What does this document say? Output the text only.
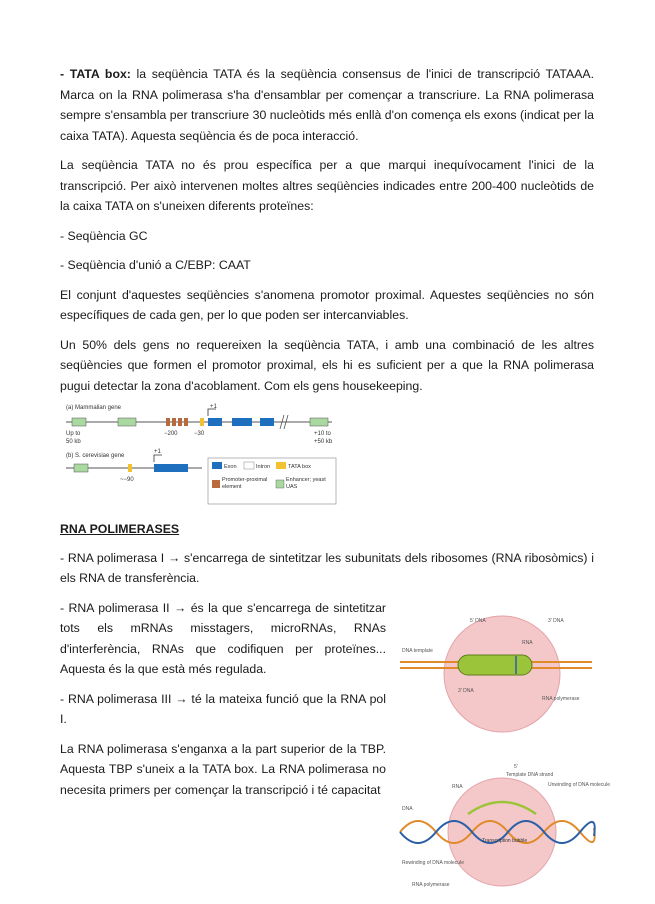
- TATA box: la seqüència TATA és la seqüència consensus de l'inici de transcripció TATAAA. Marca on la RNA polimerasa s'ha d'ensamblar per començar a transcriure. La RNA polimerasa sempre s'ensambla per transcriure 30 nucleòtids més enllà d'on comença els exons (indicat per la caixa TATA). Aquesta seqüència és de poca interacció.

La seqüència TATA no és prou específica per a que marqui inequívocament l'inici de la transcripció. Per això intervenen moltes altres seqüències indicades entre 200-400 nucleòtids de la caixa TATA on s'uneixen diferents proteïnes:

- Seqüència GC

- Seqüència d'unió a C/EBP: CAAT

El conjunt d'aquestes seqüències s'anomena promotor proximal. Aquestes seqüències no són específiques de cada gen, per lo que poden ser intercanviables.

Un 50% dels gens no requereixen la seqüència TATA, i amb una combinació de les altres seqüències que formen el promotor proximal, els hi es suficient per a que la RNA polimerasa pugui detectar la zona d'acoblament. Com els gens housekeeping.

(a) Mammalian gene	+1
Up to
50 kb
−200	−30	+10 to
+50 kb
(b) S. cerevisiae gene
+1
~−90
Exon	Intron	TATA box
Promoter-proximal element
Enhancer; yeast UAS

RNA POLIMERASES

- RNA polimerasa I → s'encarrega de sintetitzar les subunitats dels ribosomes (RNA ribosòmics) i els RNA de transferència.

- RNA polimerasa II → és la que s'encarrega de sintetitzar tots els mRNAs misstagers, microRNAs, RNAs d'interferència, RNAs que codifiquen per proteïnes... Aquesta és la que està més regulada.

- RNA polimerasa III → té la mateixa funció que la RNA pol I.

La RNA polimerasa s'enganxa a la part superior de la TBP. Aquesta TBP s'uneix a la TATA box. La RNA polimerasa no necesita primers per començar la transcripció i té capacitat

5' DNA	3' DNA
RNA
DNA template
RNA polymerase
3' DNA
5'
Template DNA strand
Unwinding of DNA molecule
RNA
Transcription bubble
Rewinding of DNA molecule
RNA polymerase
DNA
